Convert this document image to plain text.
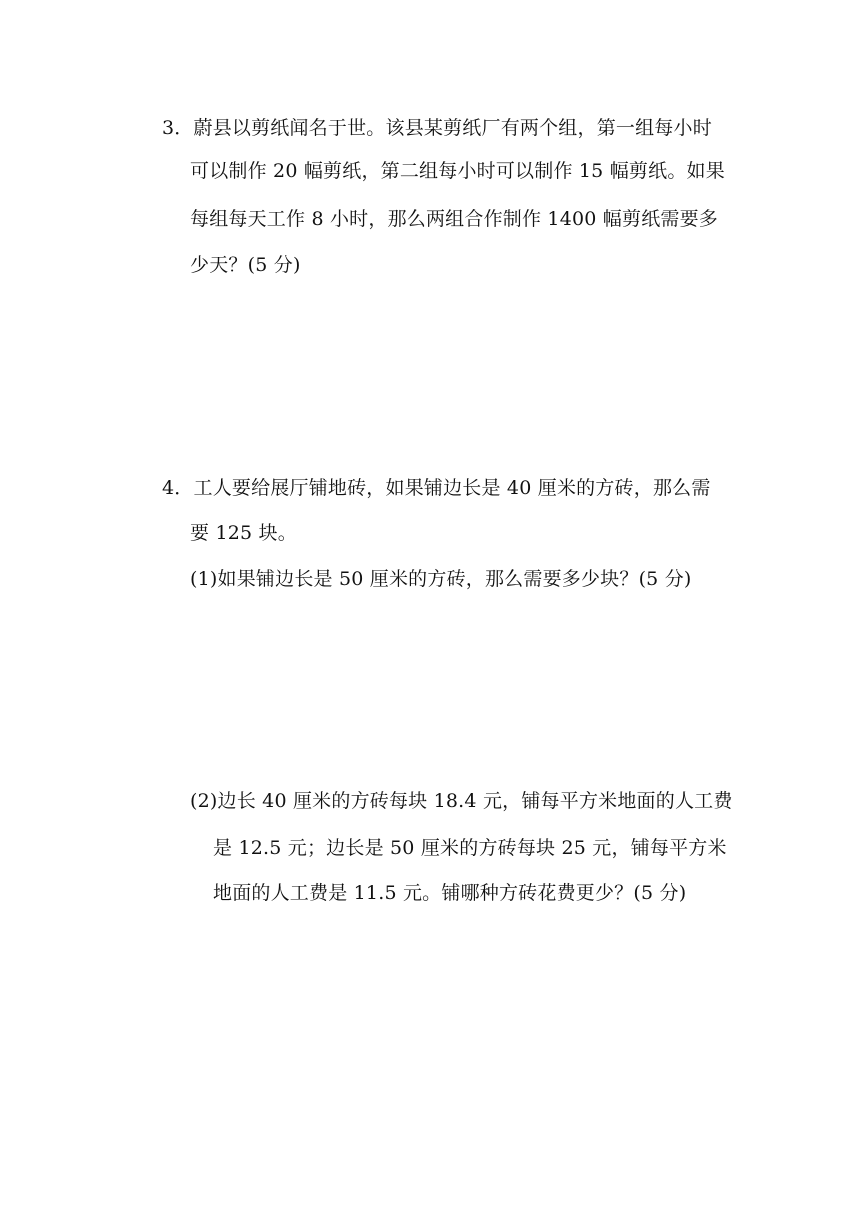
3．蔚县以剪纸闻名于世。该县某剪纸厂有两个组，第一组每小时
可以制作 20 幅剪纸，第二组每小时可以制作 15 幅剪纸。如果
每组每天工作 8 小时，那么两组合作制作 1400 幅剪纸需要多
少天？(5 分)
4．工人要给展厅铺地砖，如果铺边长是 40 厘米的方砖，那么需
要 125 块。
(1)如果铺边长是 50 厘米的方砖，那么需要多少块？(5 分)
(2)边长 40 厘米的方砖每块 18.4 元，铺每平方米地面的人工费
是 12.5 元；边长是 50 厘米的方砖每块 25 元，铺每平方米
地面的人工费是 11.5 元。铺哪种方砖花费更少？(5 分)
